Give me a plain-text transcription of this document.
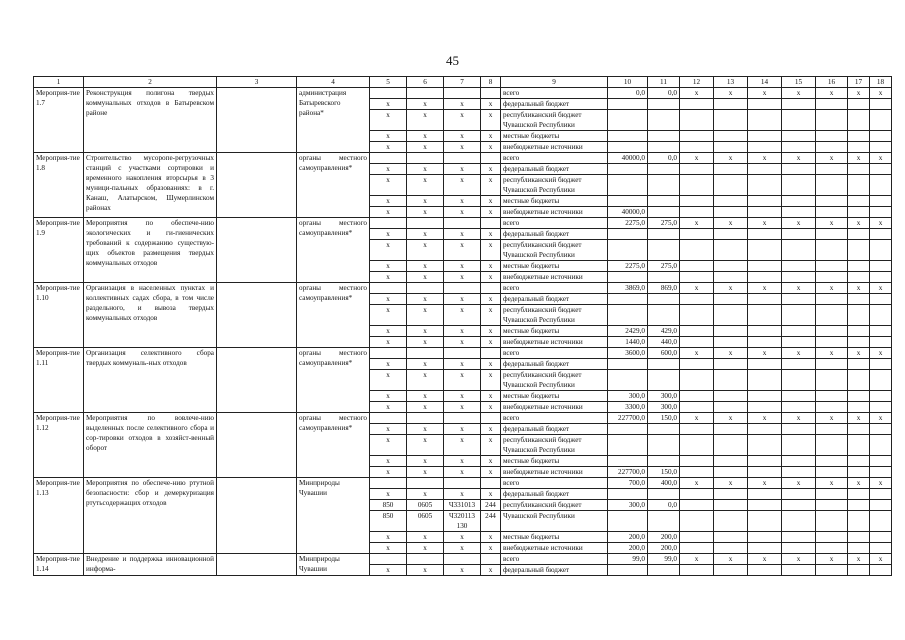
45
1	2	3	4	5	6	7	8	9	10	11	12	13	14	15	16	17	18
Мероприя-тие 1.7	Реконструкция полигона твердых коммунальных отходов в Батыревском районе		администрация Батыревского района*					всего	0,0	0,0	x	x	x	x	x	x	x
				x	x	x	x	федеральный бюджет									
				x	x	x	x	республиканский бюджет Чувашской Республики									
				x	x	x	x	местные бюджеты									
				x	x	x	x	внебюджетные источники									
Мероприя-тие 1.8	Строительство мусоропе-регрузочных станций с участками сортировки и временного накопления вторсырья в 3 муници-пальных образованиях: в г. Канаш, Алатырском, Шумерлинском районах		органы местного самоуправления*					всего	40000,0	0,0	x	x	x	x	x	x	x
				x	x	x	x	федеральный бюджет									
				x	x	x	x	республиканский бюджет Чувашской Республики									
				x	x	x	x	местные бюджеты									
				x	x	x	x	внебюджетные источники	40000,0								
Мероприя-тие 1.9	Мероприятия по обеспече-нию экологических и ги-гиенических требований к содержанию существую-щих объектов размещения твердых коммунальных отходов		органы местного самоуправления*					всего	2275,0	275,0	x	x	x	x	x	x	x
				x	x	x	x	федеральный бюджет									
				x	x	x	x	республиканский бюджет Чувашской Республики									
				x	x	x	x	местные бюджеты	2275,0	275,0							
				x	x	x	x	внебюджетные источники									
Мероприя-тие 1.10	Организация в населенных пунктах и коллективных садах сбора, в том числе раздельного, и вывоза твердых коммунальных отходов		органы местного самоуправления*					всего	3869,0	869,0	x	x	x	x	x	x	x
				x	x	x	x	федеральный бюджет									
				x	x	x	x	республиканский бюджет Чувашской Республики									
				x	x	x	x	местные бюджеты	2429,0	429,0							
				x	x	x	x	внебюджетные источники	1440,0	440,0							
Мероприя-тие 1.11	Организация селективного сбора твердых коммуналь-ных отходов		органы местного самоуправления*					всего	3600,0	600,0	x	x	x	x	x	x	x
				x	x	x	x	федеральный бюджет									
				x	x	x	x	республиканский бюджет Чувашской Республики									
				x	x	x	x	местные бюджеты	300,0	300,0							
				x	x	x	x	внебюджетные источники	3300,0	300,0							
Мероприя-тие 1.12	Мероприятия по вовлече-нию выделенных после селективного сбора и сор-тировки отходов в хозяйст-венный оборот		органы местного самоуправления*					всего	227700,0	150,0	x	x	x	x	x	x	x
				x	x	x	x	федеральный бюджет									
				x	x	x	x	республиканский бюджет Чувашской Республики									
				x	x	x	x	местные бюджеты									
				x	x	x	x	внебюджетные источники	227700,0	150,0							
Мероприя-тие 1.13	Мероприятия по обеспече-нию ртутной безопасности: сбор и демеркуризация ртутьсодержащих отходов		Минприроды Чувашии					всего	700,0	400,0	x	x	x	x	x	x	x
				x	x	x	x	федеральный бюджет									
				850	0605	Ч331013	244	республиканский бюджет	300,0	0,0							
				850	0605	Ч320113 130	244	Чувашской Республики									
				x	x	x	x	местные бюджеты	200,0	200,0							
				x	x	x	x	внебюджетные источники	200,0	200,0							
Мероприя-тие 1.14	Внедрение и поддержка инновационной информа-		Минприроды Чувашии					всего	99,0	99,0	x	x	x	x	x	x	x
				x	x	x	x	федеральный бюджет									
